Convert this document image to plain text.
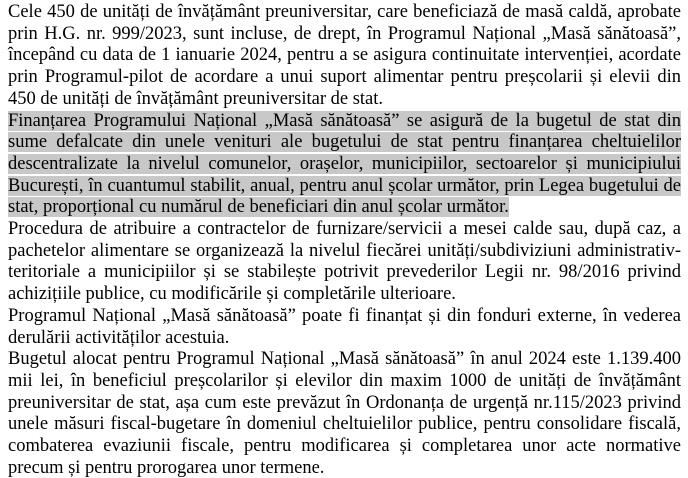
Cele 450 de unități de învățământ preuniversitar, care beneficiază de masă caldă, aprobate prin H.G. nr. 999/2023, sunt incluse, de drept, în Programul Național „Masă sănătoasă”, începând cu data de 1 ianuarie 2024, pentru a se asigura continuitate intervenției, acordate prin Programul-pilot de acordare a unui suport alimentar pentru preșcolarii și elevii din 450 de unități de învățământ preuniversitar de stat.

Finanțarea Programului Național „Masă sănătoasă” se asigură de la bugetul de stat din sume defalcate din unele venituri ale bugetului de stat pentru finanțarea cheltuielilor descentralizate la nivelul comunelor, orașelor, municipiilor, sectoarelor și municipiului București, în cuantumul stabilit, anual, pentru anul școlar următor, prin Legea bugetului de stat, proporțional cu numărul de beneficiari din anul școlar următor.

Procedura de atribuire a contractelor de furnizare/servicii a mesei calde sau, după caz, a pachetelor alimentare se organizează la nivelul fiecărei unități/subdiviziuni administrativ-teritoriale a municipiilor și se stabilește potrivit prevederilor Legii nr. 98/2016 privind achizițiile publice, cu modificările și completările ulterioare.

Programul Național „Masă sănătoasă” poate fi finanțat și din fonduri externe, în vederea derulării activităților acestuia.

Bugetul alocat pentru Programul Național „Masă sănătoasă” în anul 2024 este 1.139.400 mii lei, în beneficiul preșcolarilor și elevilor din maxim 1000 de unități de învățământ preuniversitar de stat, așa cum este prevăzut în Ordonanța de urgență nr.115/2023 privind unele măsuri fiscal-bugetare în domeniul cheltuielilor publice, pentru consolidare fiscală, combaterea evaziunii fiscale, pentru modificarea și completarea unor acte normative precum și pentru prorogarea unor termene.
